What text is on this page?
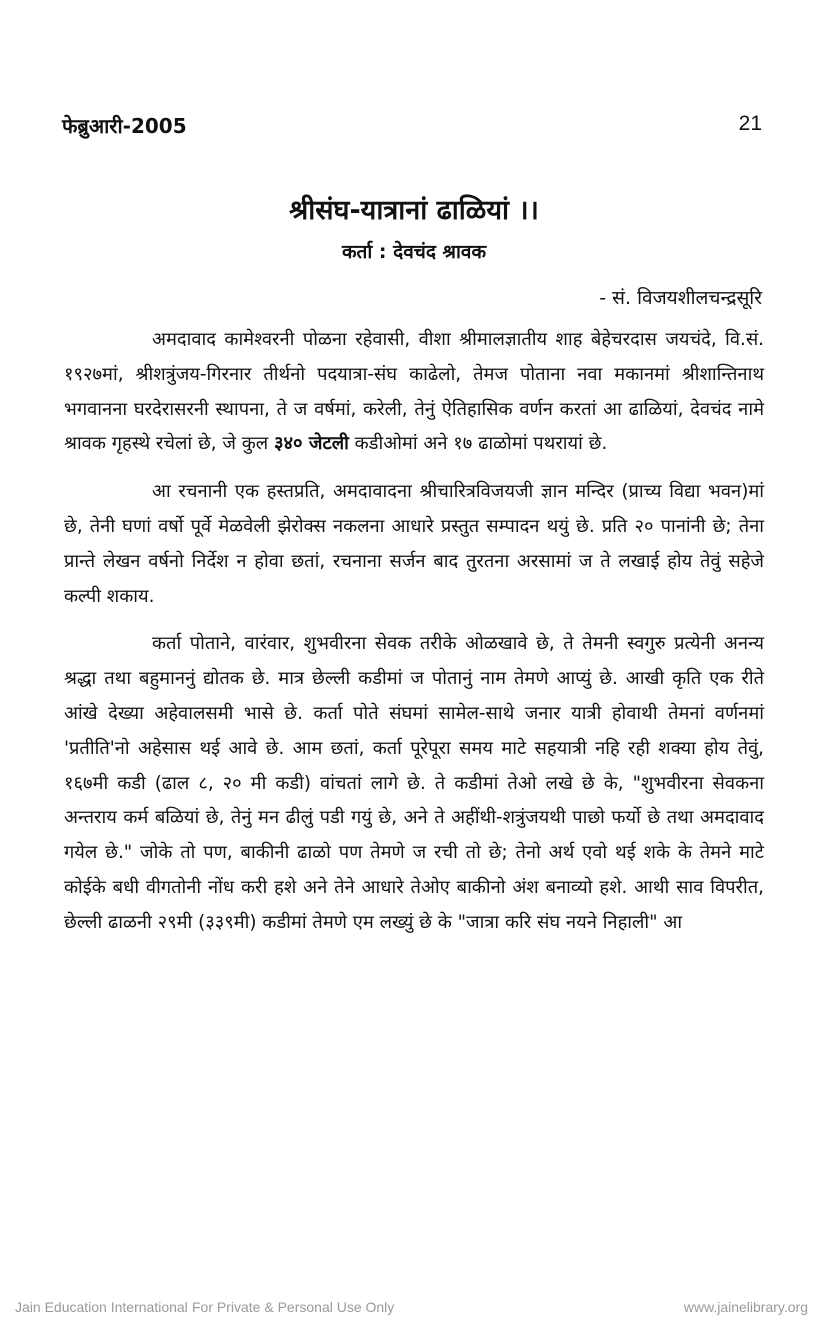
फेब्रुआरी-2005	21
श्रीसंघ-यात्रानां ढाळियां ।।
कर्ता : देवचंद श्रावक
- सं. विजयशीलचन्द्रसूरि

अमदावाद कामेश्वरनी पोळना रहेवासी, वीशा श्रीमालज्ञातीय शाह बेहेचरदास जयचंदे, वि.सं. १९२७मां, श्रीशत्रुंजय-गिरनार तीर्थनो पदयात्रा-संघ काढेलो, तेमज पोताना नवा मकानमां श्रीशान्तिनाथ भगवानना घरदेरासरनी स्थापना, ते ज वर्षमां, करेली, तेनुं ऐतिहासिक वर्णन करतां आ ढाळियां, देवचंद नामे श्रावक गृहस्थे रचेलां छे, जे कुल ३४० जेटली कडीओमां अने १७ ढाळोमां पथरायां छे.

आ रचनानी एक हस्तप्रति, अमदावादना श्रीचारित्रविजयजी ज्ञान मन्दिर (प्राच्य विद्या भवन)मां छे, तेनी घणां वर्षो पूर्वे मेळवेली झेरोक्स नकलना आधारे प्रस्तुत सम्पादन थयुं छे. प्रति २० पानांनी छे; तेना प्रान्ते लेखन वर्षनो निर्देश न होवा छतां, रचनाना सर्जन बाद तुरतना अरसामां ज ते लखाई होय तेवुं सहेजे कल्पी शकाय.

कर्ता पोताने, वारंवार, शुभवीरना सेवक तरीके ओळखावे छे, ते तेमनी स्वगुरु प्रत्येनी अनन्य श्रद्धा तथा बहुमाननुं द्योतक छे. मात्र छेल्ली कडीमां ज पोतानुं नाम तेमणे आप्युं छे. आखी कृति एक रीते आंखे देख्या अहेवालसमी भासे छे. कर्ता पोते संघमां सामेल-साथे जनार यात्री होवाथी तेमनां वर्णनमां 'प्रतीति'नो अहेसास थई आवे छे. आम छतां, कर्ता पूरेपूरा समय माटे सहयात्री नहि रही शक्या होय तेवुं, १६७मी कडी (ढाल ८, २० मी कडी) वांचतां लागे छे. ते कडीमां तेओ लखे छे के, "शुभवीरना सेवकना अन्तराय कर्म बळियां छे, तेनुं मन ढीलुं पडी गयुं छे, अने ते अहींथी-शत्रुंजयथी पाछो फर्यो छे तथा अमदावाद गयेल छे." जोके तो पण, बाकीनी ढाळो पण तेमणे ज रची तो छे; तेनो अर्थ एवो थई शके के तेमने माटे कोईके बधी वीगतोनी नोंध करी हशे अने तेने आधारे तेओए बाकीनो अंश बनाव्यो हशे. आथी साव विपरीत, छेल्ली ढाळनी २९मी (३३९मी) कडीमां तेमणे एम लख्युं छे के "जात्रा करि संघ नयने निहाली" आ

Jain Education International For Private & Personal Use Only	www.jainelibrary.org
